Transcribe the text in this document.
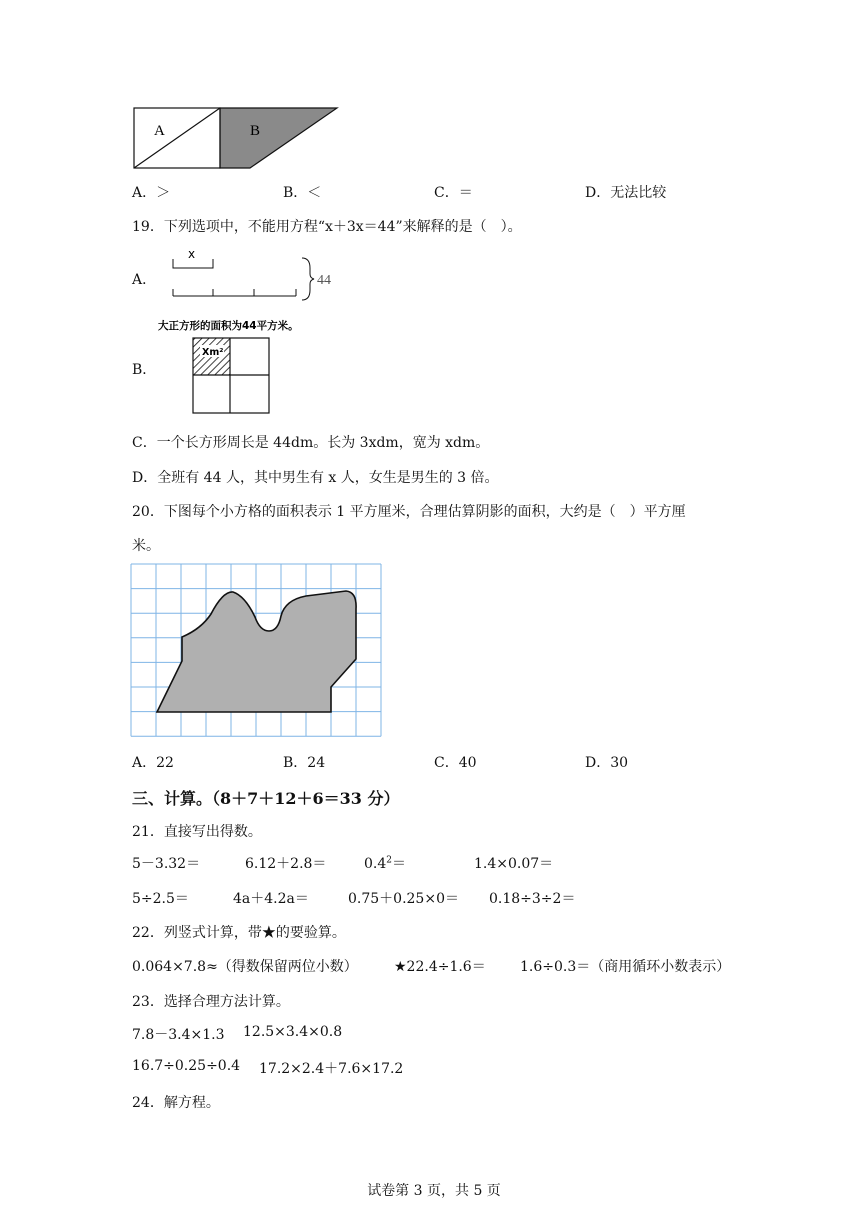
A	B
A．＞	B．＜	C．＝	D．无法比较
19．下列选项中，不能用方程“x＋3x＝44”来解释的是（　）。
A．
x
44
大正方形的面积为44平方米。
Xm²
B．
C．一个长方形周长是 44dm。长为 3xdm，宽为 xdm。
D．全班有 44 人，其中男生有 x 人，女生是男生的 3 倍。
20．下图每个小方格的面积表示 1 平方厘米，合理估算阴影的面积，大约是（　）平方厘
米。
A．22	B．24	C．40	D．30
三、计算。（8＋7＋12＋6＝33 分）
21．直接写出得数。
5－3.32＝	6.12＋2.8＝	$0.4^2=$	1.4×0.07＝
5÷2.5＝	4a＋4.2a＝	0.75＋0.25×0＝ 0.18÷3÷2＝
22．列竖式计算，带★的要验算。
0.064×7.8≈（得数保留两位小数）	★22.4÷1.6＝ 1.6÷0.3＝（商用循环小数表示）
23．选择合理方法计算。
7.8－3.4×1.3 12.5×3.4×0.8
16.7÷0.25÷0.4 17.2×2.4＋7.6×17.2
24．解方程。
试卷第 3 页，共 5 页
